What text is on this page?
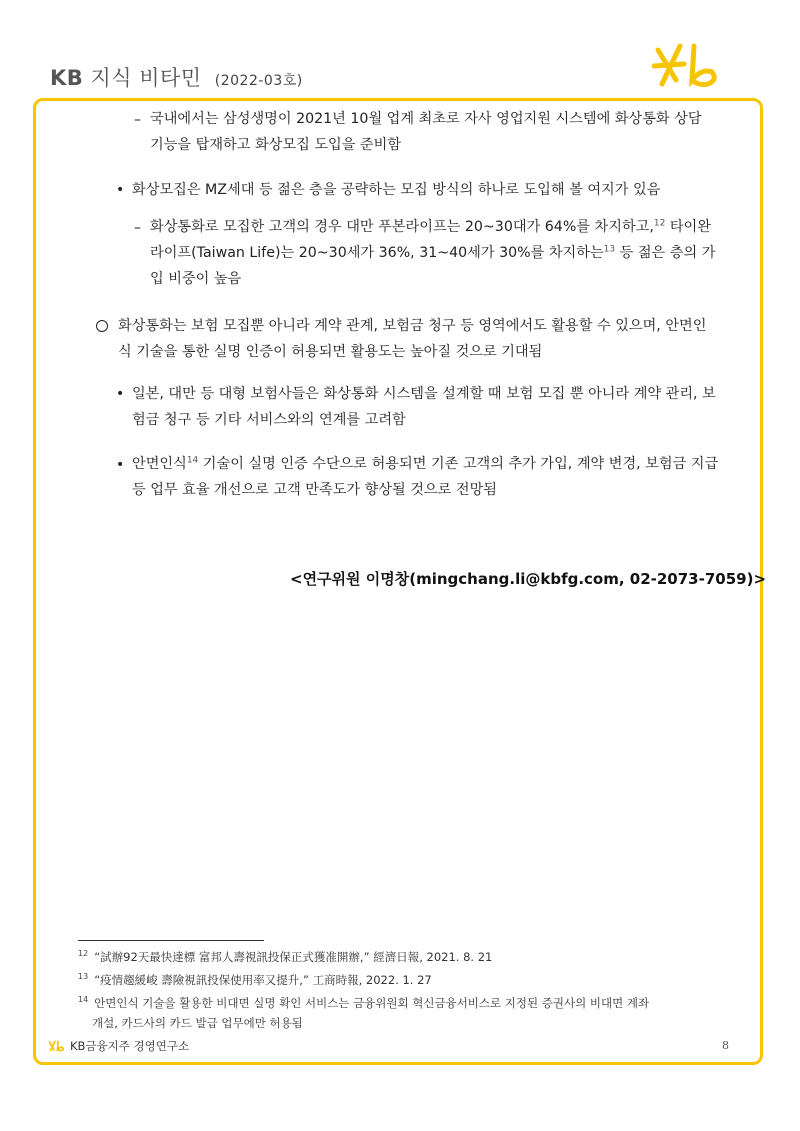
KB 지식 비타민 (2022-03호)
– 국내에서는 삼성생명이 2021년 10월 업계 최초로 자사 영업지원 시스템에 화상통화 상담
기능을 탑재하고 화상모집 도입을 준비함
• 화상모집은 MZ세대 등 젊은 층을 공략하는 모집 방식의 하나로 도입해 볼 여지가 있음
– 화상통화로 모집한 고객의 경우 대만 푸본라이프는 20~30대가 64%를 차지하고,$^{12}$ 타이완
라이프(Taiwan Life)는 20~30세가 36%, 31~40세가 30%를 차지하는$^{13}$ 등 젊은 층의 가
입 비중이 높음
화상통화는 보험 모집뿐 아니라 계약 관계, 보험금 청구 등 영역에서도 활용할 수 있으며, 안면인
식 기술을 통한 실명 인증이 허용되면 활용도는 높아질 것으로 기대됨
• 일본, 대만 등 대형 보험사들은 화상통화 시스템을 설계할 때 보험 모집 뿐 아니라 계약 관리, 보
험금 청구 등 기타 서비스와의 연계를 고려함
• 안면인식$^{14}$ 기술이 실명 인증 수단으로 허용되면 기존 고객의 추가 가입, 계약 변경, 보험금 지급
등 업무 효율 개선으로 고객 만족도가 향상될 것으로 전망됨
<연구위원 이명창(mingchang.li@kbfg.com, 02-2073-7059)>
$^{12}$ “試辦92天最快達標 富邦人壽視訊投保正式獲准開辦,” 經濟日報, 2021. 8. 21
$^{13}$ “疫情趨緩峻 壽險視訊投保使用率又提升,” 工商時報, 2022. 1. 27
$^{14}$ 안면인식 기술을 활용한 비대면 실명 확인 서비스는 금융위원회 혁신금융서비스로 지정된 증권사의 비대면 계좌
개설, 카드사의 카드 발급 업무에만 허용됨
KB금융지주 경영연구소	8
